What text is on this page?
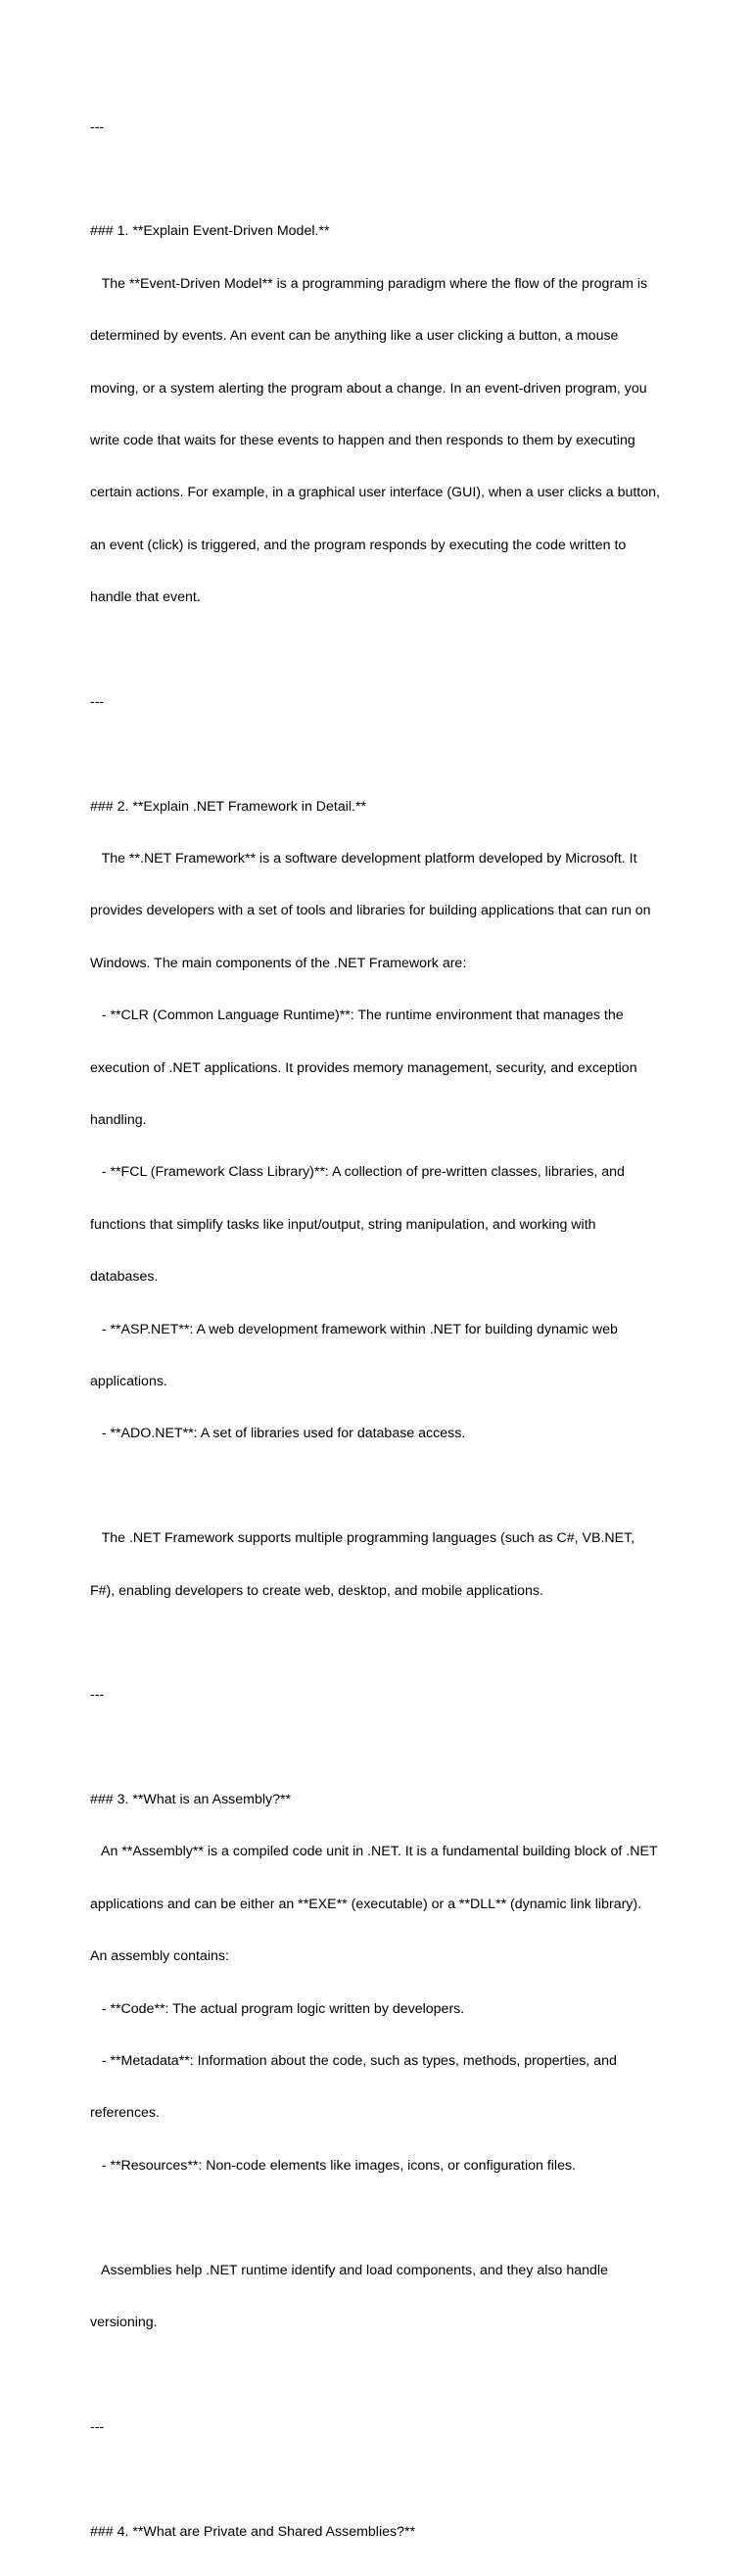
---

### 1. **Explain Event-Driven Model.**

The **Event-Driven Model** is a programming paradigm where the flow of the program is

determined by events. An event can be anything like a user clicking a button, a mouse

moving, or a system alerting the program about a change. In an event-driven program, you

write code that waits for these events to happen and then responds to them by executing

certain actions. For example, in a graphical user interface (GUI), when a user clicks a button,

an event (click) is triggered, and the program responds by executing the code written to

handle that event.

---

### 2. **Explain .NET Framework in Detail.**

The **.NET Framework** is a software development platform developed by Microsoft. It

provides developers with a set of tools and libraries for building applications that can run on

Windows. The main components of the .NET Framework are:

- **CLR (Common Language Runtime)**: The runtime environment that manages the

execution of .NET applications. It provides memory management, security, and exception

handling.

- **FCL (Framework Class Library)**: A collection of pre-written classes, libraries, and

functions that simplify tasks like input/output, string manipulation, and working with

databases.

- **ASP.NET**: A web development framework within .NET for building dynamic web

applications.

- **ADO.NET**: A set of libraries used for database access.

The .NET Framework supports multiple programming languages (such as C#, VB.NET,

F#), enabling developers to create web, desktop, and mobile applications.

---

### 3. **What is an Assembly?**

An **Assembly** is a compiled code unit in .NET. It is a fundamental building block of .NET

applications and can be either an **EXE** (executable) or a **DLL** (dynamic link library).

An assembly contains:

- **Code**: The actual program logic written by developers.

- **Metadata**: Information about the code, such as types, methods, properties, and

references.

- **Resources**: Non-code elements like images, icons, or configuration files.

Assemblies help .NET runtime identify and load components, and they also handle

versioning.

---

### 4. **What are Private and Shared Assemblies?**
